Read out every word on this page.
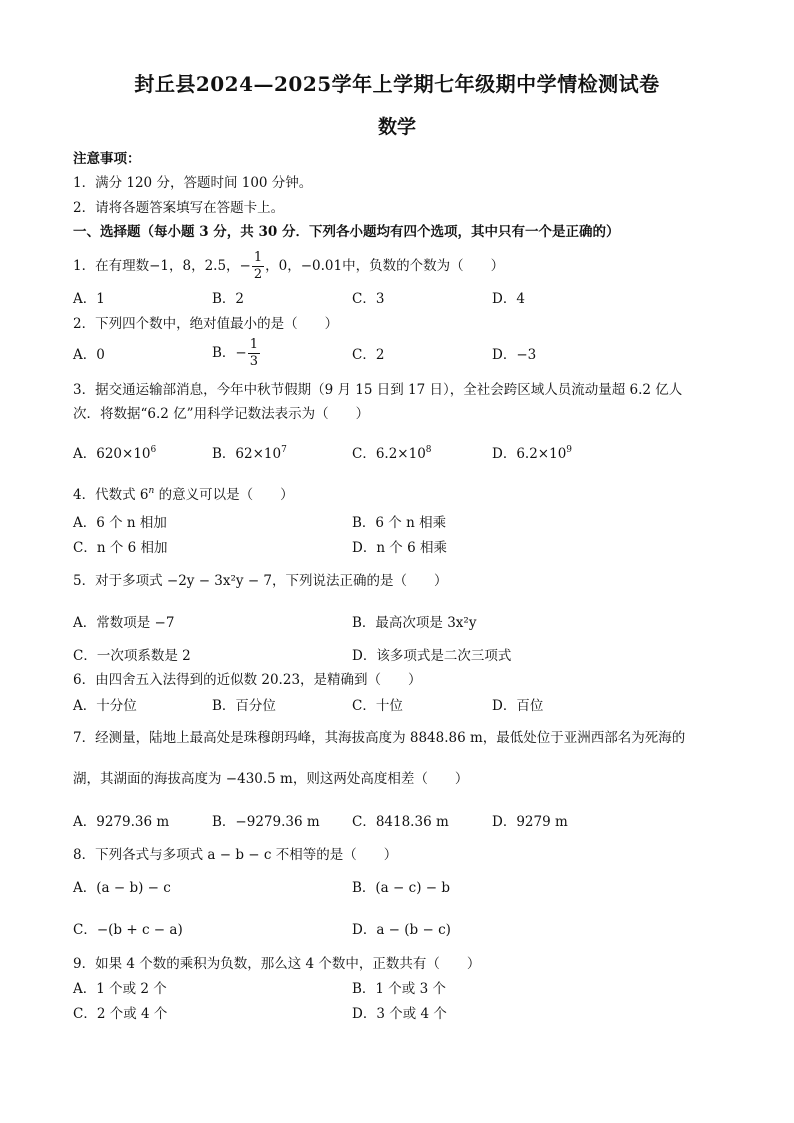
封丘县2024—2025学年上学期七年级期中学情检测试卷
数学
注意事项：
1．满分 120 分，答题时间 100 分钟。
2．请将各题答案填写在答题卡上。
一、选择题（每小题 3 分，共 30 分．下列各小题均有四个选项，其中只有一个是正确的）
1．在有理数−1，8，2.5，− $\frac{1}{2}$ ，0，−0.01中，负数的个数为（　　）
A．1	B．2	C．3	D．4
2．下列四个数中，绝对值最小的是（　　）
A．0	B．− $\frac{1}{3}$	C．2	D．−3
3．据交通运输部消息，今年中秋节假期（9 月 15 日到 17 日），全社会跨区域人员流动量超 6.2 亿人
次．将数据“6.2 亿”用科学记数法表示为（　　）
A．$620\times 10^6$	B．$62\times 10^7$	C．$6.2\times 10^8$	D．$6.2\times 10^9$
4．代数式 6$^n$ 的意义可以是（　　）
A．6 个 n 相加	B．6 个 n 相乘
C．n 个 6 相加	D．n 个 6 相乘
5．对于多项式 −2y − 3x²y − 7，下列说法正确的是（　　）
A．常数项是 −7	B．最高次项是 3x²y
C．一次项系数是 2	D．该多项式是二次三项式
6．由四舍五入法得到的近似数 20.23，是精确到（　　）
A．十分位	B．百分位	C．十位	D．百位
7．经测量，陆地上最高处是珠穆朗玛峰，其海拔高度为 8848.86 m，最低处位于亚洲西部名为死海的
湖，其湖面的海拔高度为 −430.5 m，则这两处高度相差（　　）
A．9279.36 m	B．−9279.36 m C．8418.36 m	D．9279 m
8．下列各式与多项式 a − b − c 不相等的是（　　）
A．(a − b) − c	B．(a − c) − b
C．−(b + c − a)	D．a − (b − c)
9．如果 4 个数的乘积为负数，那么这 4 个数中，正数共有（　　）
A．1 个或 2 个	B．1 个或 3 个
C．2 个或 4 个	D．3 个或 4 个
